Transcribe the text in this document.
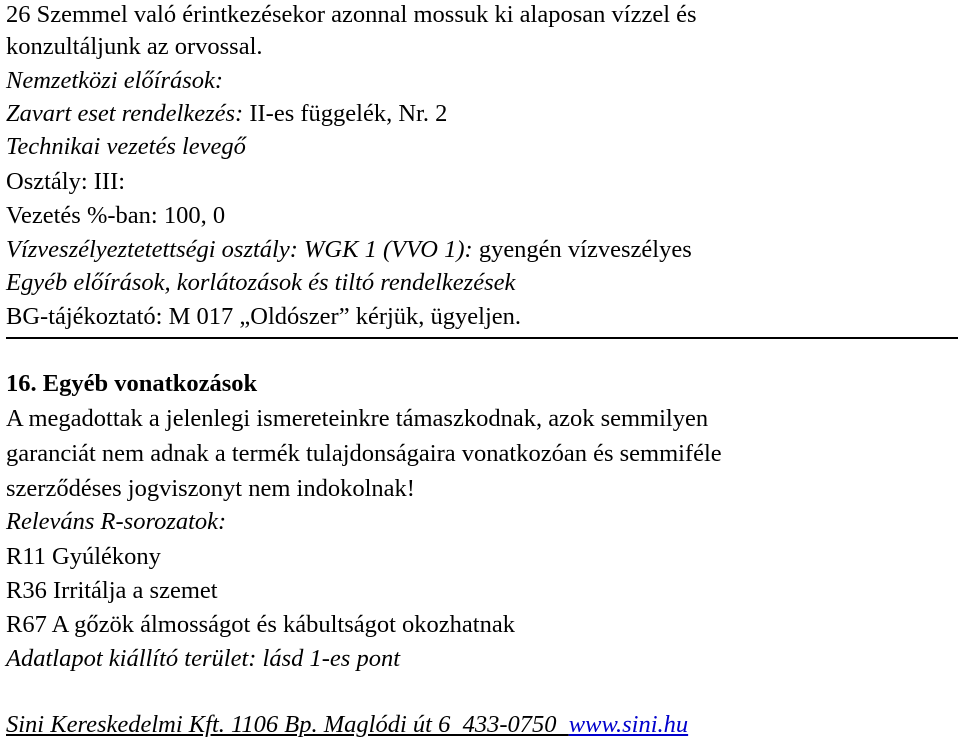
26 Szemmel való érintkezésekor azonnal mossuk ki alaposan vízzel és
konzultáljunk az orvossal.
Nemzetközi előírások:
Zavart eset rendelkezés: II-es függelék, Nr. 2
Technikai vezetés levegő
Osztály: III:
Vezetés %-ban: 100, 0
Vízveszélyeztetettségi osztály: WGK 1 (VVO 1): gyengén vízveszélyes
Egyéb előírások, korlátozások és tiltó rendelkezések
BG-tájékoztató: M 017 „Oldószer” kérjük, ügyeljen.
16. Egyéb vonatkozások
A megadottak a jelenlegi ismereteinkre támaszkodnak, azok semmilyen
garanciát nem adnak a termék tulajdonságaira vonatkozóan és semmiféle
szerződéses jogviszonyt nem indokolnak!
Releváns R-sorozatok:
R11 Gyúlékony
R36 Irritálja a szemet
R67 A gőzök álmosságot és kábultságot okozhatnak
Adatlapot kiállító terület: lásd 1-es pont
Sini Kereskedelmi Kft. 1106 Bp. Maglódi út 6  433-0750  www.sini.hu
